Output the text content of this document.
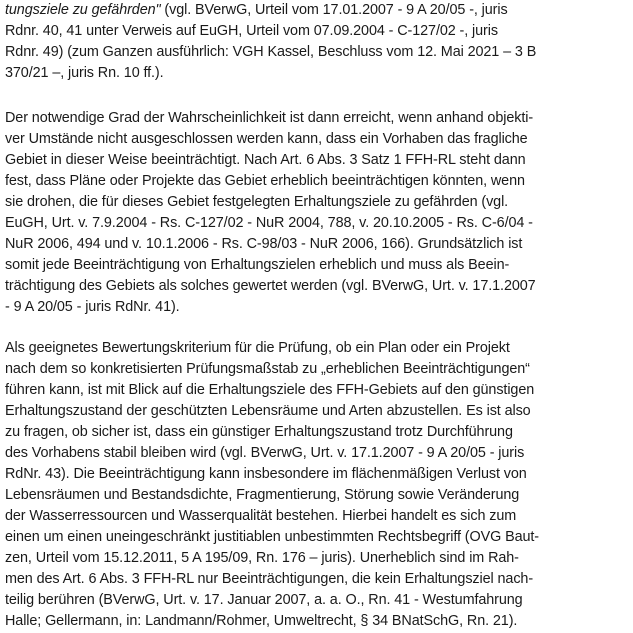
tungsziele zu gefährden" (vgl. BVerwG, Urteil vom 17.01.2007 - 9 A 20/05 -, juris
Rdnr. 40, 41 unter Verweis auf EuGH, Urteil vom 07.09.2004 - C-127/02 -, juris
Rdnr. 49) (zum Ganzen ausführlich: VGH Kassel, Beschluss vom 12. Mai 2021 – 3 B
370/21 –, juris Rn. 10 ff.).
Der notwendige Grad der Wahrscheinlichkeit ist dann erreicht, wenn anhand objekti-
ver Umstände nicht ausgeschlossen werden kann, dass ein Vorhaben das fragliche
Gebiet in dieser Weise beeinträchtigt. Nach Art. 6 Abs. 3 Satz 1 FFH-RL steht dann
fest, dass Pläne oder Projekte das Gebiet erheblich beeinträchtigen könnten, wenn
sie drohen, die für dieses Gebiet festgelegten Erhaltungsziele zu gefährden (vgl.
EuGH, Urt. v. 7.9.2004 - Rs. C-127/02 - NuR 2004, 788, v. 20.10.2005 - Rs. C-6/04 -
NuR 2006, 494 und v. 10.1.2006 - Rs. C-98/03 - NuR 2006, 166). Grundsätzlich ist
somit jede Beeinträchtigung von Erhaltungszielen erheblich und muss als Beein-
trächtigung des Gebiets als solches gewertet werden (vgl. BVerwG, Urt. v. 17.1.2007
- 9 A 20/05 - juris RdNr. 41).
Als geeignetes Bewertungskriterium für die Prüfung, ob ein Plan oder ein Projekt
nach dem so konkretisierten Prüfungsmaßstab zu „erheblichen Beeinträchtigungen“
führen kann, ist mit Blick auf die Erhaltungsziele des FFH-Gebiets auf den günstigen
Erhaltungszustand der geschützten Lebensräume und Arten abzustellen. Es ist also
zu fragen, ob sicher ist, dass ein günstiger Erhaltungszustand trotz Durchführung
des Vorhabens stabil bleiben wird (vgl. BVerwG, Urt. v. 17.1.2007 - 9 A 20/05 - juris
RdNr. 43). Die Beeinträchtigung kann insbesondere im flächenmäßigen Verlust von
Lebensräumen und Bestandsdichte, Fragmentierung, Störung sowie Veränderung
der Wasserressourcen und Wasserqualität bestehen. Hierbei handelt es sich zum
einen um einen uneingeschränkt justitiablen unbestimmten Rechtsbegriff (OVG Baut-
zen, Urteil vom 15.12.2011, 5 A 195/09, Rn. 176 – juris). Unerheblich sind im Rah-
men des Art. 6 Abs. 3 FFH-RL nur Beeinträchtigungen, die kein Erhaltungsziel nach-
teilig berühren (BVerwG, Urt. v. 17. Januar 2007, a. a. O., Rn. 41 - Westumfahrung
Halle; Gellermann, in: Landmann/Rohmer, Umweltrecht, § 34 BNatSchG, Rn. 21).
